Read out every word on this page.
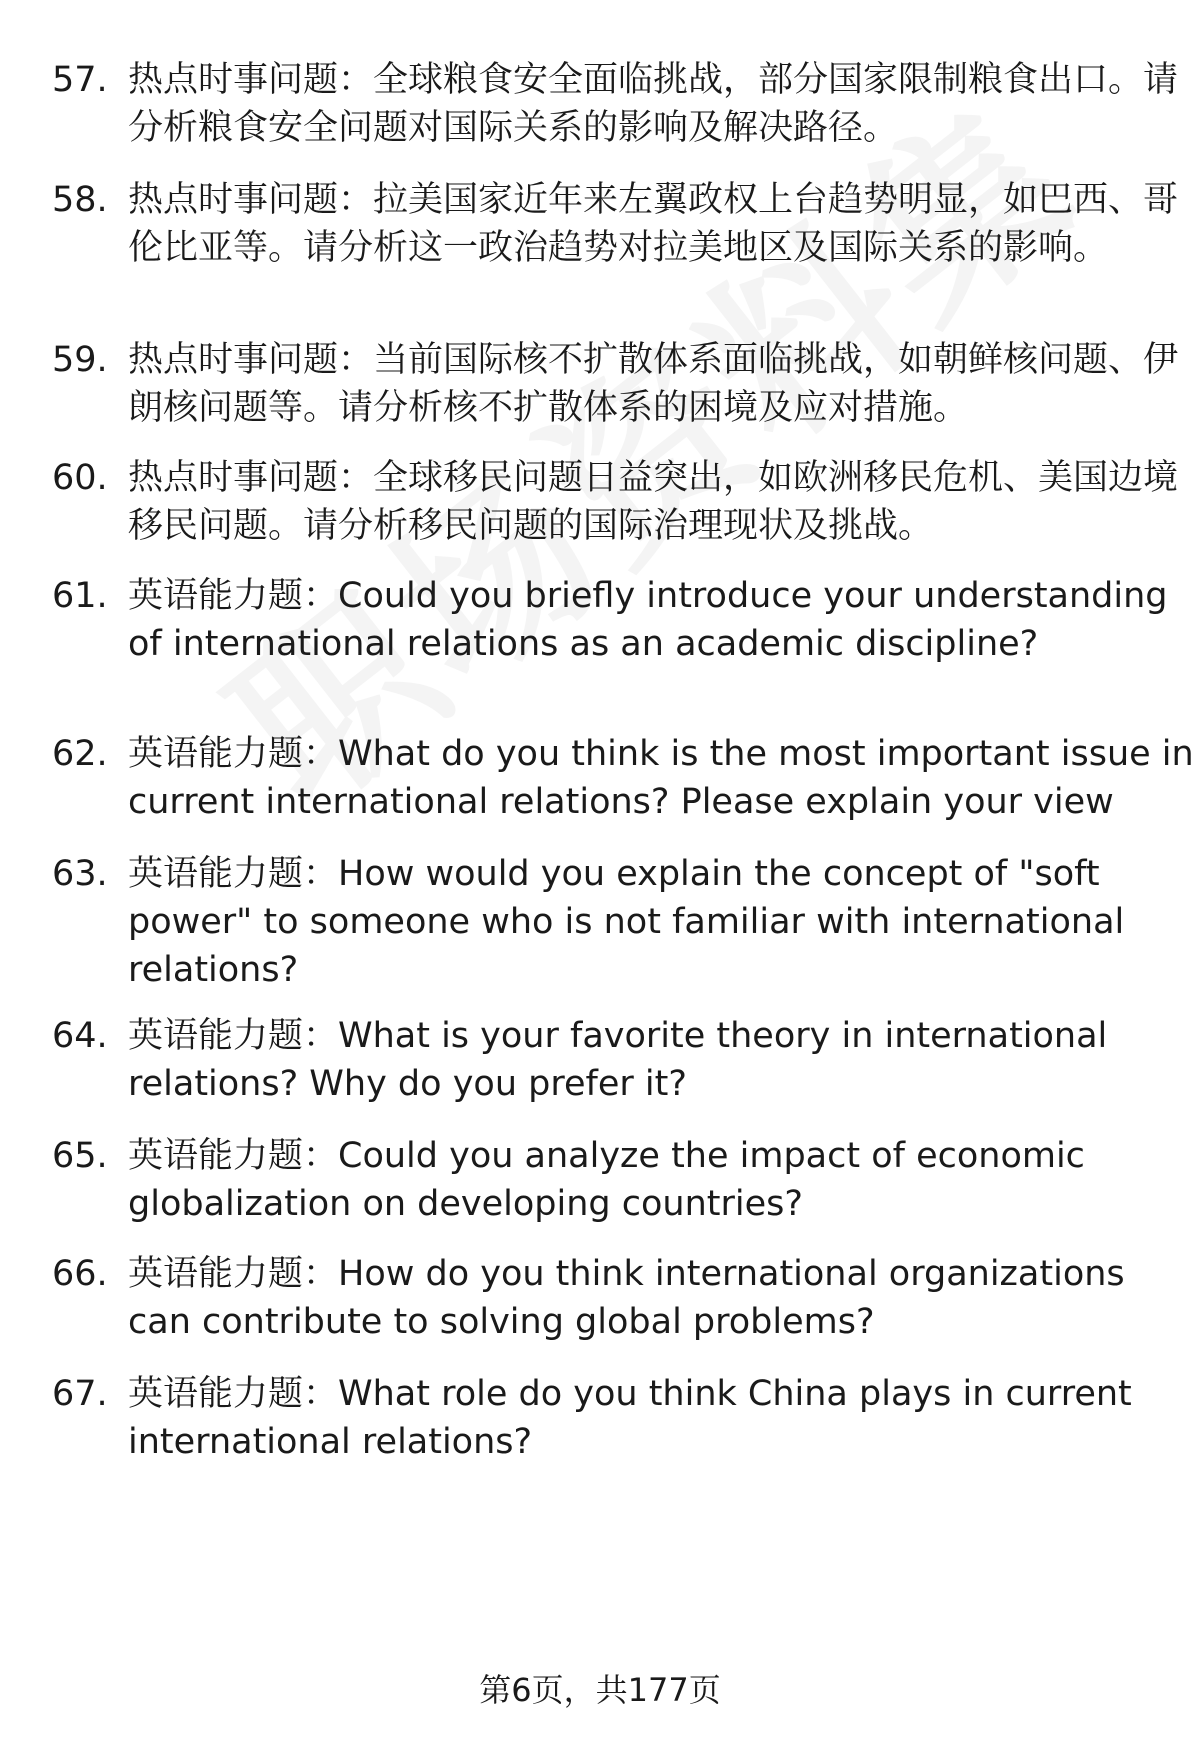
57. 热点时事问题：全球粮食安全面临挑战，部分国家限制粮食出口。请分析粮食安全问题对国际关系的影响及解决路径。
58. 热点时事问题：拉美国家近年来左翼政权上台趋势明显，如巴西、哥伦比亚等。请分析这一政治趋势对拉美地区及国际关系的影响。
59. 热点时事问题：当前国际核不扩散体系面临挑战，如朝鲜核问题、伊朗核问题等。请分析核不扩散体系的困境及应对措施。
60. 热点时事问题：全球移民问题日益突出，如欧洲移民危机、美国边境移民问题。请分析移民问题的国际治理现状及挑战。
61. 英语能力题：Could you briefly introduce your understanding of international relations as an academic discipline?
62. 英语能力题：What do you think is the most important issue in current international relations? Please explain your view
63. 英语能力题：How would you explain the concept of "soft power" to someone who is not familiar with international relations?
64. 英语能力题：What is your favorite theory in international relations? Why do you prefer it?
65. 英语能力题：Could you analyze the impact of economic globalization on developing countries?
66. 英语能力题：How do you think international organizations can contribute to solving global problems?
67. 英语能力题：What role do you think China plays in current international relations?
第6页，共177页
